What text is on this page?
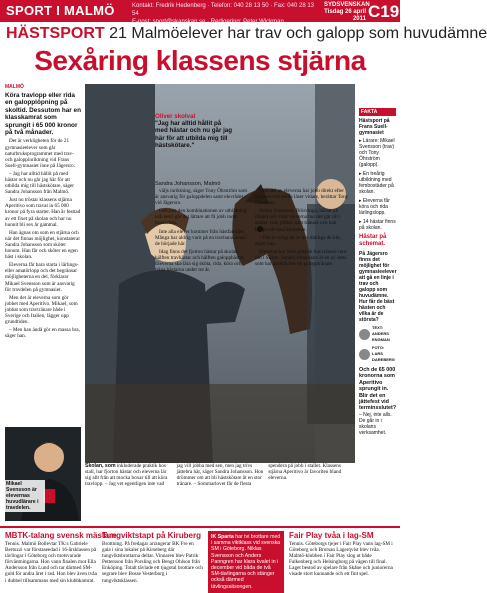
SPORT I MALMÖ	Kontakt: Fredrik Hedenberg · Telefon: 040 28 13 50 · Fax: 040 28 13 54
E-post: sport@skanskan.se · Redigering: Peter Wickman
SYDSVENSKAN
Tisdag 26 april 2011 C19
HÄSTSPORT 21 Malmöelever har trav och galopp som huvudämne
Sexåring klassens stjärna
MALMÖ
Köra travlopp eller rida en galopplöpning på skoltid. Dessutom har en klasskamrat som sprungit i 65 000 kronor på två månader.

Det är verkligheten för de 21 gymnasieelever som går naturbruksprogrammet med trav- och galoppinriktning vid Frans Suell-gymnasiet inne på Jägersro.

– Jag har alltid hållit på med hästar och nu går jag här för att utbilda mig till hästskötare, säger Sandra Johansson från Malmö.

Just nu tröstar klassens stjärna Aperitivo som travat in 65 000 kronor på fyra starter. Han är festtad av ett fixet på skolan och har nu hunnit bli sex år gammal.

Han ägnas om som en stjärna och när det finnas möjlighet, konstaterar Sandra Johansson som sköter honom. Han får och sköter en egen häst i skolan.

Eleverna får bara starta i lärlings- eller amatörlopp och det begränsar möjligheterna en del, förklarar Mikael Svensson som är ansvarig för travdelen på gymnasiet.

Men det är eleverna som gör jobbet med Aperitivo. Mikael, som jobbat som travtränare både i Sverige och Italien, lägger upp grundtiden.

– Men han ändå gör en massa bra, säger han.

Oliver skolval
"Jag har alltid hållit på med hästar och nu går jag här för att utbilda mig till hästskötare."
Sandra Johansson, Malmö

väljs inriktning, säger Tony Öhrström som är ansvarig för galoppdelen samt elevrådet vid Jägersro.

Och just den kombinationen av utbildning och teori gör det lättare att få jobb inom branschen.

Inte alla elever kommer från hästfamiljer. Många har aldrig varit på en travbana innan de började här.

Idag finns det fjorton hästar på skolan, hälften travhästar och hälften galopphästar. Eleverna ska lära sig sköta, rida, köra och träna hästarna under tre år.

– En del av eleverna har jobb direkt efter examen och andra läser vidare, berättar Tony Öhrström.

Stefan Svensson, Brörvinga, hälsar på ibland och visar eleverna hur det går till i stallet. Han jobbar som tränare och kan hjälpa till med kontakter.

– Det är roligt att se hur duktiga de blir, säger han.

Eleverna har även praktik hos tränare runt om i Skåne. Sandra Johansson är en av dem som har praktik hos en galopptränare.

Skolan, som inkluderade praktik hos stall, har fjorton hästar och eleverna lär sig allt från att mocka boxar till att köra travlopp. – Jag vet egentligen inte vad jag vill jobba med sen, men jag trivs jättebra här, säger Sandra Johansson. Hon drömmer om att bli hästskötare åt en stor tränare. – Sommarlovet får de flesta spendera på jobb i stallet. Klassens stjärna Aperitivo är favoriten bland eleverna.
FAKTA
Hästsport på Frans Suell-gymnasiet

▸ Lärare: Mikael Svensson (trav) och Tony Öhrström (galopp).

▸ En treårig utbildning med fembostäder på skolan.

▸ Eleverna får köra och rida lärlingslopp.

▸ 14 hästar finns på skolan.

Hästar på schemat.
På Jägersro finns det möjlighet för gymnasieelever att gå en linje i trav och galopp som huvudämne. Hur får de bäst hästen och vilka är de största?
TEXT: ANDERS
ENGMAN
FOTO: LARS
DAREBERG
Och de 65 000 kronorna som Aperitivo sprungit in. Blir det en jättefest vid terminsslutet?

– Nej, inte alls. De går in i skolans verksamhet.

Mikael Svensson är elevernas huvudlärare i travdelen.
MBTK-talang svensk mästare

Tennis. Malmö Bollevtar TK:s Gabriele Bertuzzi var förstaseedad i 16-årsklassen på tävlingar i Göteborg och motsvarade förväntningarna. Hon vann finalen mot Ella Andersson från Lund och tar därmed SM-guld för andra året i rad. Hon blev även tvåa i dubbel tillsammans med sin klubbkamrat.

Tungviktstapt på Kiruberg

Brottning. På fredagar arrangerar BK Fre en gala i sina lokaler på Kirseberg där tungviktsbrottarna deltar. Vinnaren blev Patrik Pettersson från Porsling och Bengt Ohlson från Enköping. Totalt tävlade ett tjugotal brottare och segrare blev Bosse Vesterborg i tungviktsklassen.

IK Sparta har tvi brottare med i samma viktklass vid svenska SM i Göteborg. Niklas Svensson och Anders Panngren har klara kvalet in i december vid båda de två SM-tävlingarna och stänger också därmed tävlingssäsongen.
Fair Play tvåa i lag-SM

Tennis. Göteborgs tjejer i Fair Play vann lag-SM i Göteborg och Brorsan Lagerqvist blev tvåa. Malmö-klubben i Fair Play slog ut både Falkenberg och Helsingborg på vägen till final. Laget bestod av spelare från Skåne och juniorerna visade stort kunnande och ett fint spel.
